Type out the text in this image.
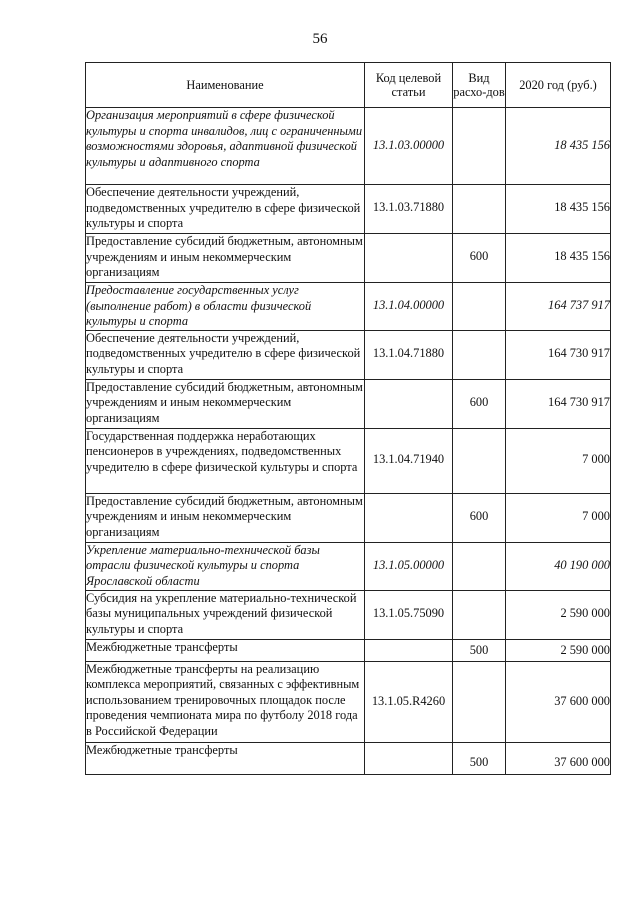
56
Наименование	Код целевой статьи	Вид расхо-дов	2020 год (руб.)
Организация мероприятий в сфере физической культуры и спорта инвалидов, лиц с ограниченными возможностями здоровья, адаптивной физической культуры и адаптивного спорта	13.1.03.00000		18 435 156

Обеспечение деятельности учреждений, подведомственных учредителю в сфере физической культуры и спорта	13.1.03.71880		18 435 156

Предоставление субсидий бюджетным, автономным учреждениям и иным некоммерческим организациям		600	18 435 156

Предоставление государственных услуг (выполнение работ) в области физической культуры и спорта	13.1.04.00000		164 737 917

Обеспечение деятельности учреждений, подведомственных учредителю в сфере физической культуры и спорта	13.1.04.71880		164 730 917

Предоставление субсидий бюджетным, автономным учреждениям и иным некоммерческим организациям		600	164 730 917

Государственная поддержка неработающих пенсионеров в учреждениях, подведомственных учредителю в сфере физической культуры и спорта	13.1.04.71940		7 000

Предоставление субсидий бюджетным, автономным учреждениям и иным некоммерческим организациям		600	7 000

Укрепление материально-технической базы отрасли физической культуры и спорта Ярославской области	13.1.05.00000		40 190 000

Субсидия на укрепление материально-технической базы муниципальных учреждений физической культуры и спорта	13.1.05.75090		2 590 000

Межбюджетные трансферты		500	2 590 000

Межбюджетные трансферты на реализацию комплекса мероприятий, связанных с эффективным использованием тренировочных площадок после проведения чемпионата мира по футболу 2018 года в Российской Федерации	13.1.05.R4260		37 600 000

Межбюджетные трансферты		500	37 600 000
